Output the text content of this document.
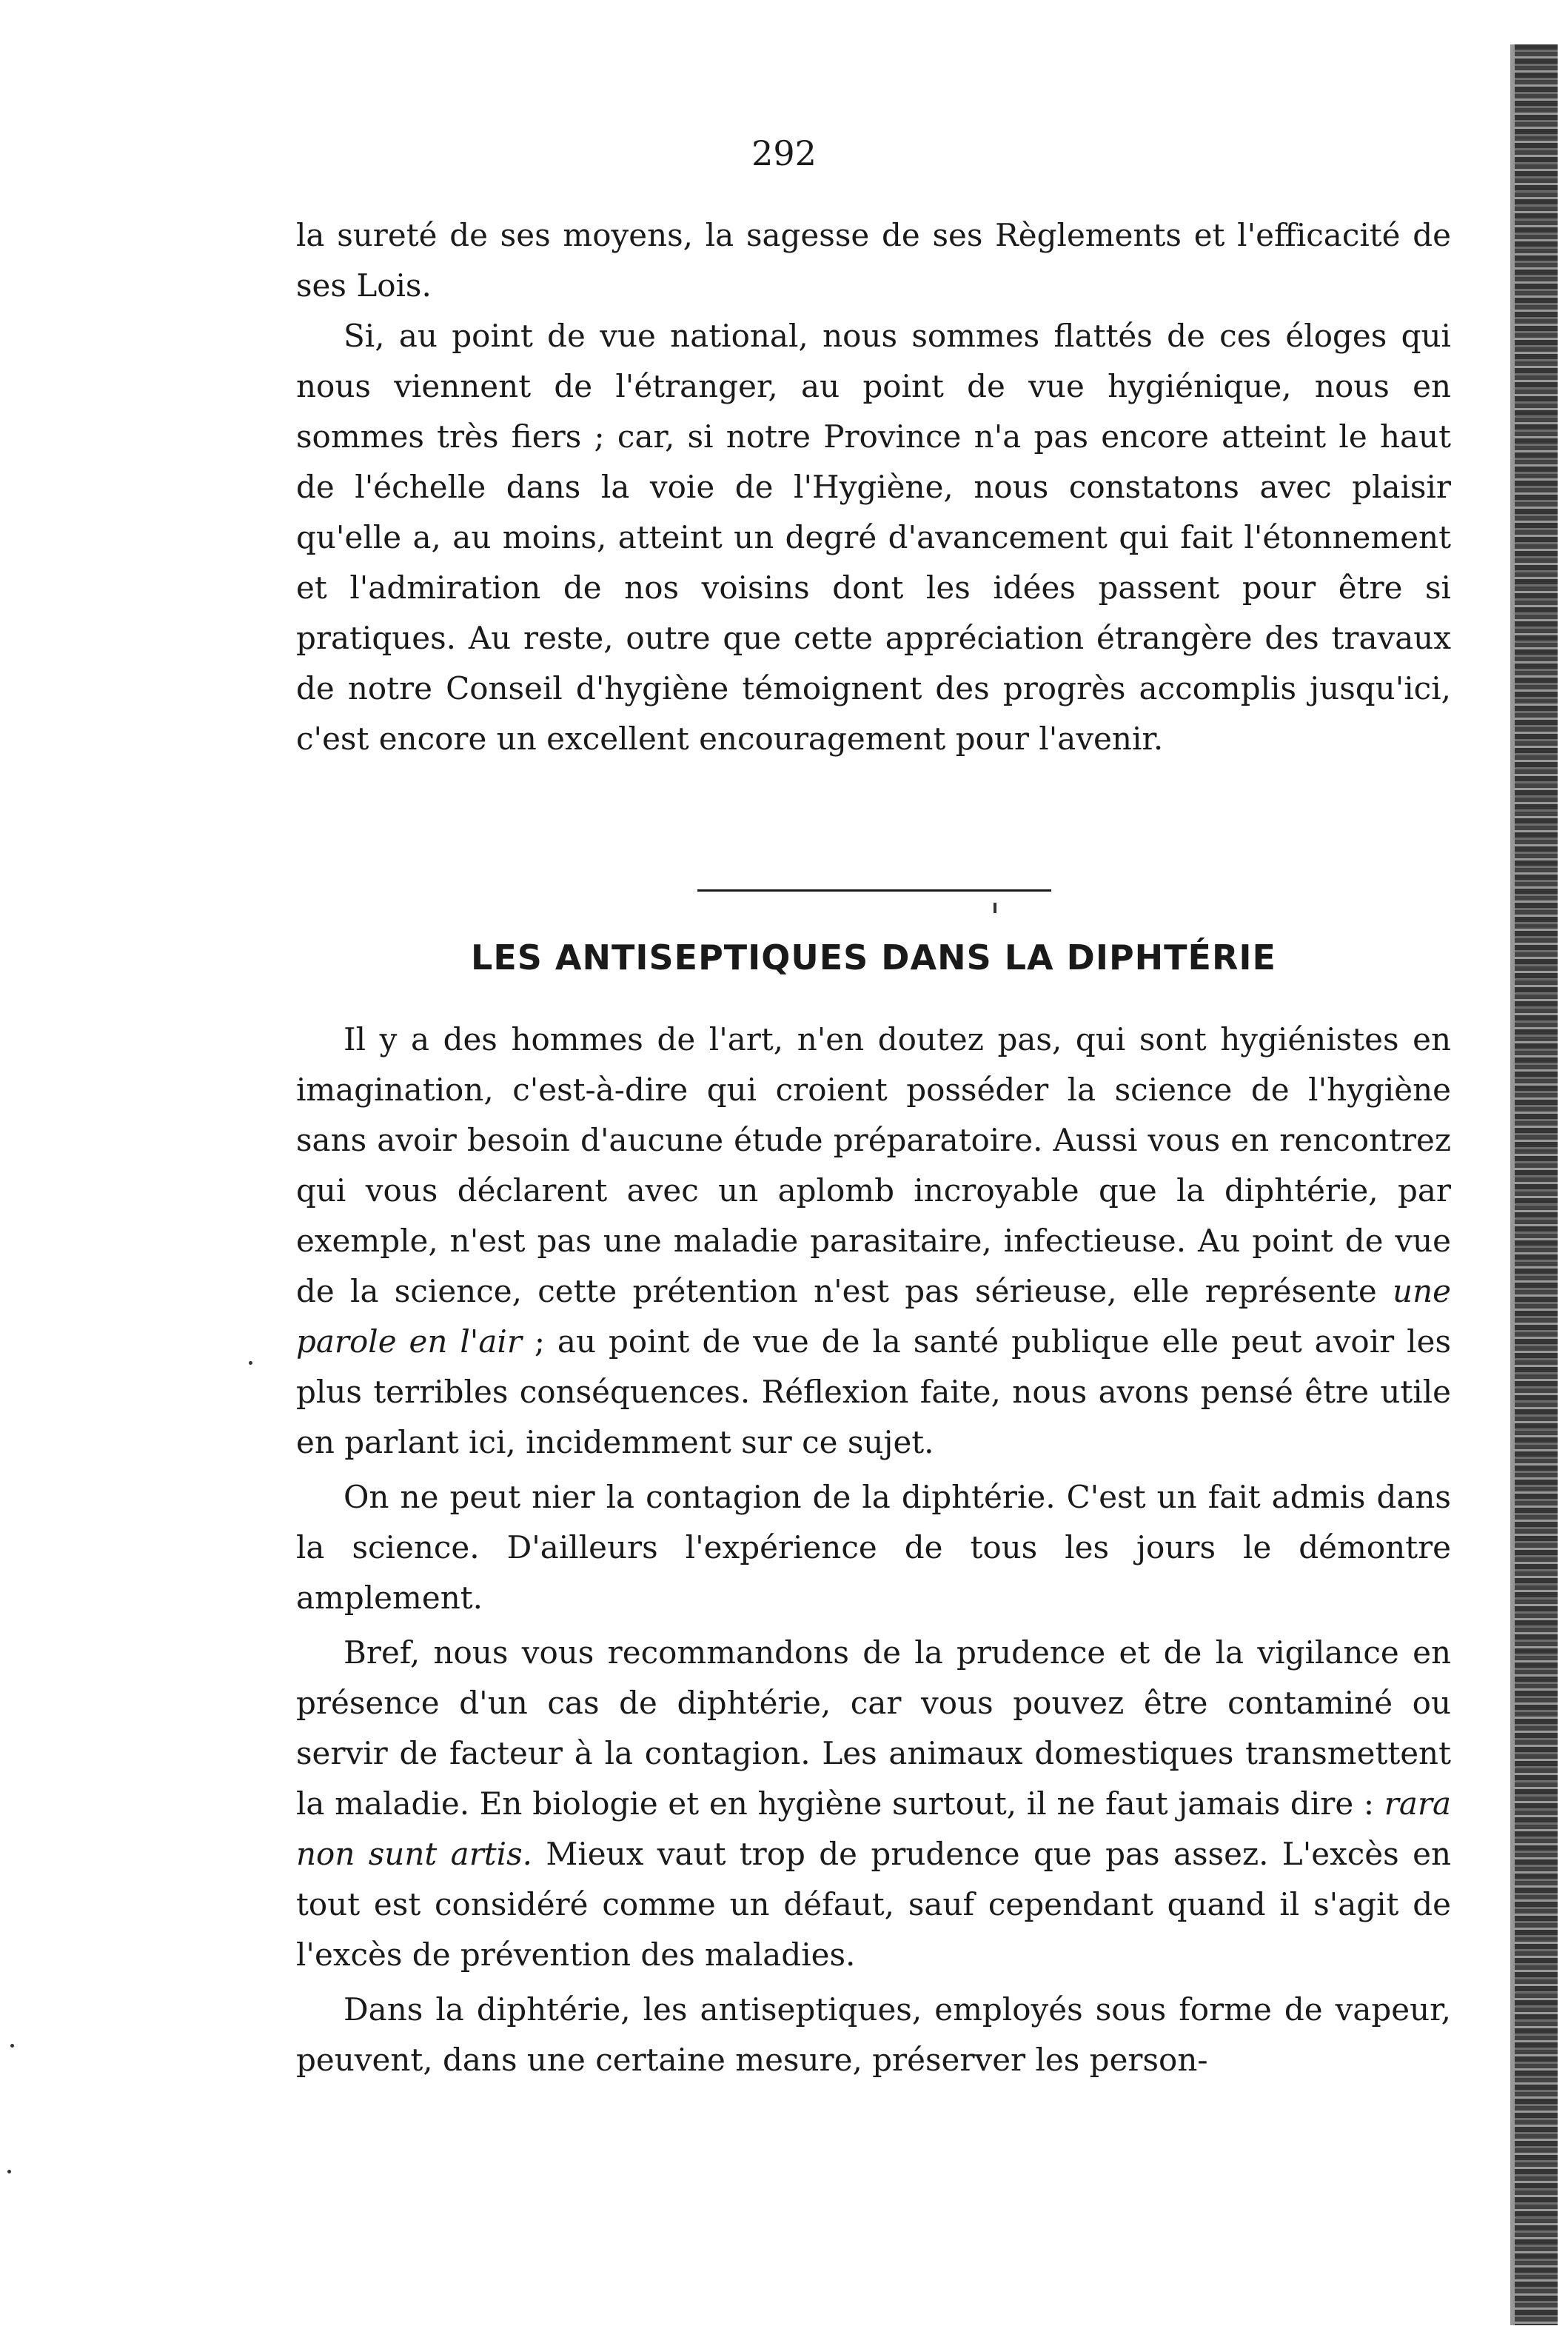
292

la sureté de ses moyens, la sagesse de ses Règlements et l'efficacité de ses Lois.

Si, au point de vue national, nous sommes flattés de ces éloges qui nous viennent de l'étranger, au point de vue hygiénique, nous en sommes très fiers ; car, si notre Province n'a pas encore atteint le haut de l'échelle dans la voie de l'Hygiène, nous constatons avec plaisir qu'elle a, au moins, atteint un degré d'avancement qui fait l'étonnement et l'admiration de nos voisins dont les idées passent pour être si pratiques. Au reste, outre que cette appréciation étrangère des travaux de notre Conseil d'hygiène témoignent des progrès accomplis jusqu'ici, c'est encore un excellent encouragement pour l'avenir.

LES ANTISEPTIQUES DANS LA DIPHTÉRIE

Il y a des hommes de l'art, n'en doutez pas, qui sont hygiénistes en imagination, c'est-à-dire qui croient posséder la science de l'hygiène sans avoir besoin d'aucune étude préparatoire. Aussi vous en rencontrez qui vous déclarent avec un aplomb incroyable que la diphtérie, par exemple, n'est pas une maladie parasitaire, infectieuse. Au point de vue de la science, cette prétention n'est pas sérieuse, elle représente une parole en l'air ; au point de vue de la santé publique elle peut avoir les plus terribles conséquences. Réflexion faite, nous avons pensé être utile en parlant ici, incidemment sur ce sujet.

On ne peut nier la contagion de la diphtérie. C'est un fait admis dans la science. D'ailleurs l'expérience de tous les jours le démontre amplement.

Bref, nous vous recommandons de la prudence et de la vigilance en présence d'un cas de diphtérie, car vous pouvez être contaminé ou servir de facteur à la contagion. Les animaux domestiques transmettent la maladie. En biologie et en hygiène surtout, il ne faut jamais dire : rara non sunt artis. Mieux vaut trop de prudence que pas assez. L'excès en tout est considéré comme un défaut, sauf cependant quand il s'agit de l'excès de prévention des maladies.

Dans la diphtérie, les antiseptiques, employés sous forme de vapeur, peuvent, dans une certaine mesure, préserver les person-
